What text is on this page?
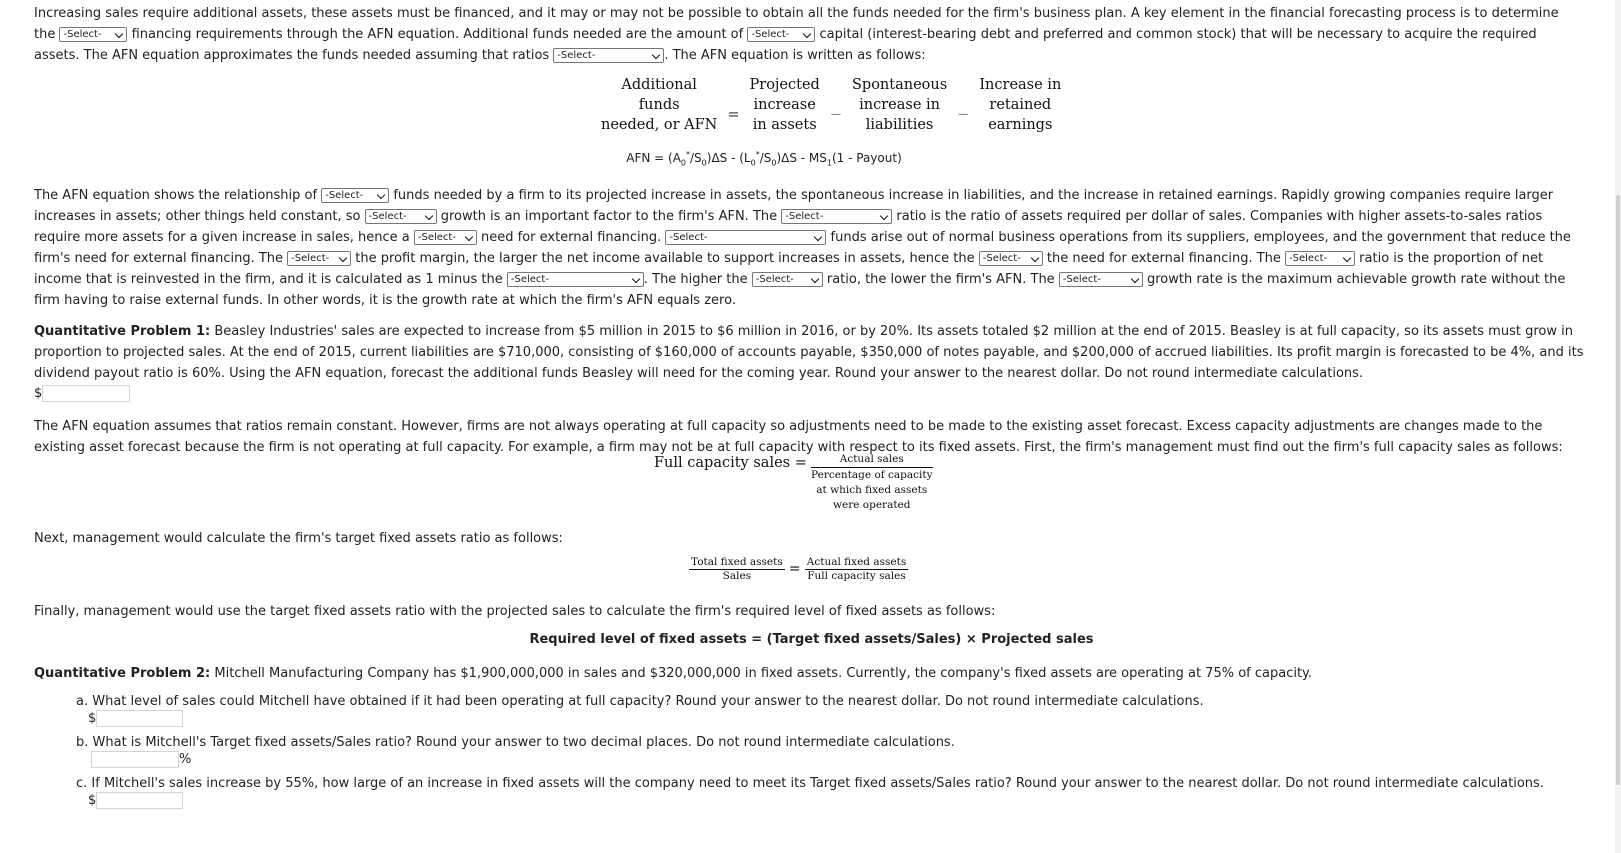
Increasing sales require additional assets, these assets must be financed, and it may or may not be possible to obtain all the funds needed for the firm's business plan. A key element in the financial forecasting process is to determine the -Select- financing requirements through the AFN equation. Additional funds needed are the amount of -Select- capital (interest-bearing debt and preferred and common stock) that will be necessary to acquire the required assets. The AFN equation approximates the funds needed assuming that ratios -Select-	. The AFN equation is written as follows:

Additional
funds
needed, or AFN
	=	
Projected
increase
in assets
	−	
Spontaneous
increase in
liabilities
	−	
Increase in
retained
earnings
AFN = $(A_0^*/S_0)\Delta S - (L_0^*/S_0)\Delta S - MS_1(1$ - Payout)

The AFN equation shows the relationship of -Select- funds needed by a firm to its projected increase in assets, the spontaneous increase in liabilities, and the increase in retained earnings. Rapidly growing companies require larger increases in assets; other things held constant, so -Select- growth is an important factor to the firm's AFN. The -Select-	ratio is the ratio of assets required per dollar of sales. Companies with higher assets-to-sales ratios require more assets for a given increase in sales, hence a -Select- need for external financing. -Select-	funds arise out of normal business operations from its suppliers, employees, and the government that reduce the firm's need for external financing. The -Select- the profit margin, the larger the net income available to support increases in assets, hence the -Select- the need for external financing. The -Select- ratio is the proportion of net income that is reinvested in the firm, and it is calculated as 1 minus the -Select-	. The higher the -Select- ratio, the lower the firm's AFN. The -Select-	growth rate is the maximum achievable growth rate without the firm having to raise external funds. In other words, it is the growth rate at which the firm's AFN equals zero.

Quantitative Problem 1: Beasley Industries' sales are expected to increase from $5 million in 2015 to $6 million in 2016, or by 20%. Its assets totaled $2 million at the end of 2015. Beasley is at full capacity, so its assets must grow in proportion to projected sales. At the end of 2015, current liabilities are $710,000, consisting of $160,000 of accounts payable, $350,000 of notes payable, and $200,000 of accrued liabilities. Its profit margin is forecasted to be 4%, and its dividend payout ratio is 60%. Using the AFN equation, forecast the additional funds Beasley will need for the coming year. Round your answer to the nearest dollar. Do not round intermediate calculations.

$

The AFN equation assumes that ratios remain constant. However, firms are not always operating at full capacity so adjustments need to be made to the existing asset forecast. Excess capacity adjustments are changes made to the existing asset forecast because the firm is not operating at full capacity. For example, a firm may not be at full capacity with respect to its fixed assets. First, the firm's management must find out the firm's full capacity sales as follows:

Full capacity sales =	Actual sales
Percentage of capacity
at which fixed assets
were operated

Next, management would calculate the firm's target fixed assets ratio as follows:

$\frac{\text{Total fixed assets}}{\text{Sales}} = \frac{\text{Actual fixed assets}}{\text{Full capacity sales}}$

Finally, management would use the target fixed assets ratio with the projected sales to calculate the firm's required level of fixed assets as follows:

Required level of fixed assets = (Target fixed assets/Sales) × Projected sales

Quantitative Problem 2: Mitchell Manufacturing Company has $1,900,000,000 in sales and $320,000,000 in fixed assets. Currently, the company's fixed assets are operating at 75% of capacity.

a. What level of sales could Mitchell have obtained if it had been operating at full capacity? Round your answer to the nearest dollar. Do not round intermediate calculations.

$

b. What is Mitchell's Target fixed assets/Sales ratio? Round your answer to two decimal places. Do not round intermediate calculations.

%

c. If Mitchell's sales increase by 55%, how large of an increase in fixed assets will the company need to meet its Target fixed assets/Sales ratio? Round your answer to the nearest dollar. Do not round intermediate calculations.

$
